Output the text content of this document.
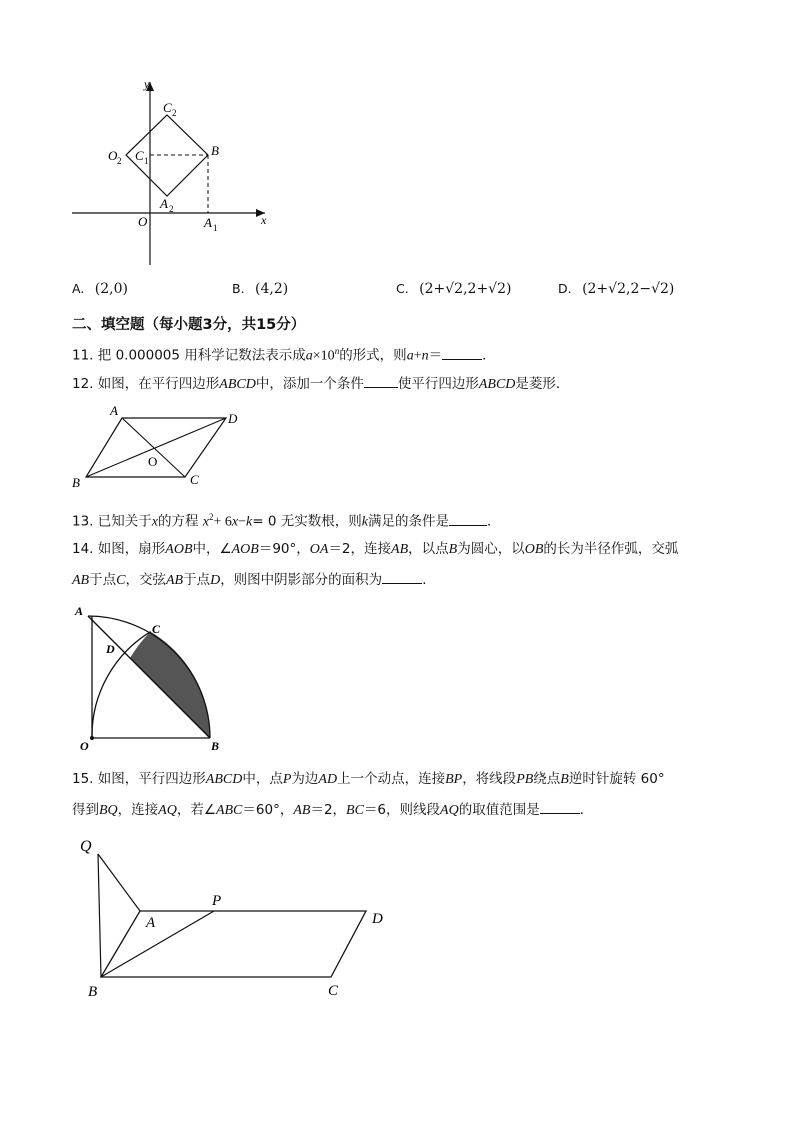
y
x
O
C 2
O 2 C 1
B
A 2
A 1
A. (2,0)	B. (4,2)	C. (2+√2,2+√2)	D. (2+√2,2−√2)
二、填空题（每小题3分，共15分）
11. 把 0.000005 用科学记数法表示成$a\times 10^n$的形式，则a+n＝	．
12. 如图，在平行四边形ABCD中，添加一个条件	使平行四边形ABCD是菱形．
A
D
B	C
O
13. 已知关于x的方程 $x^2+ 6x-k= 0$ 无实数根，则k满足的条件是	．
14. 如图，扇形AOB中，∠AOB＝90°，OA＝2，连接AB，以点B为圆心，以OB的长为半径作弧，交弧
AB于点C，交弦AB于点D，则图中阴影部分的面积为	．
A
C
D
O	B
15. 如图，平行四边形ABCD中，点P为边AD上一个动点，连接BP，将线段PB绕点B逆时针旋转 60°
得到BQ，连接AQ，若∠ABC＝60°，AB＝2，BC＝6，则线段AQ的取值范围是	．
Q
A
P
D
B	C
